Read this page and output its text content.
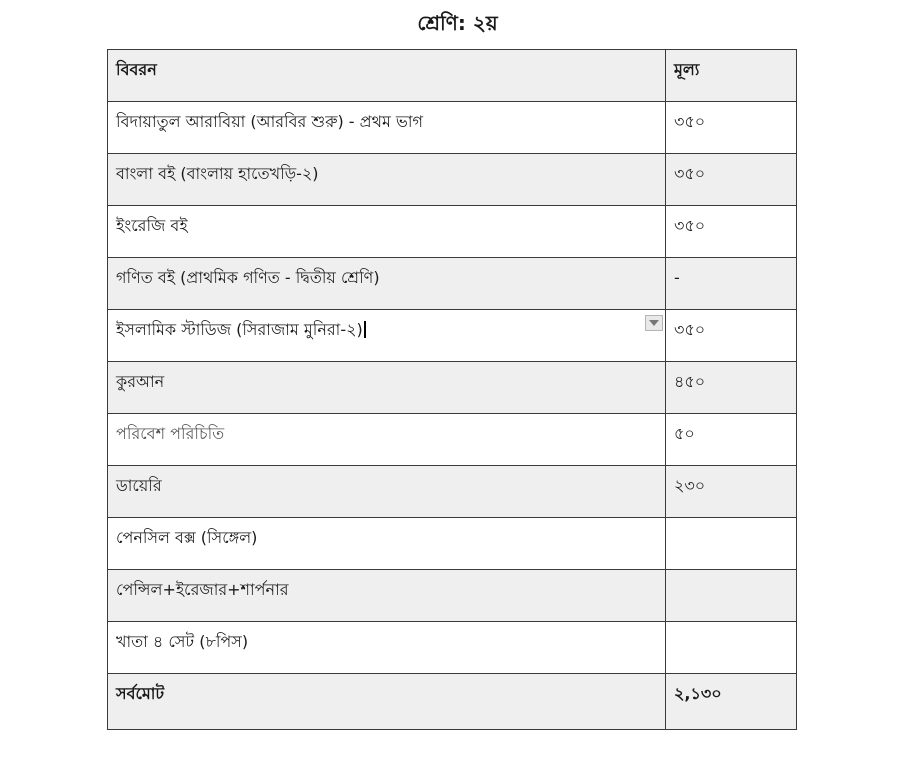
শ্রেণি: ২য়
বিবরন	মূল্য
বিদায়াতুল আরাবিয়া (আরবির শুরু) - প্রথম ভাগ	৩৫০
বাংলা বই (বাংলায় হাতেখড়ি-২)	৩৫০
ইংরেজি বই	৩৫০
গণিত বই (প্রাথমিক গণিত - দ্বিতীয় শ্রেণি)	-
ইসলামিক স্টাডিজ (সিরাজাম মুনিরা-২)	৩৫০
কুরআন	৪৫০
পরিবেশ পরিচিতি	৫০
ডায়েরি	২৩০
পেনসিল বক্স (সিঙ্গেল)	
পেন্সিল+ইরেজার+শার্পনার	
খাতা ৪ সেট (৮পিস)	
সর্বমোট	২,১৩০
